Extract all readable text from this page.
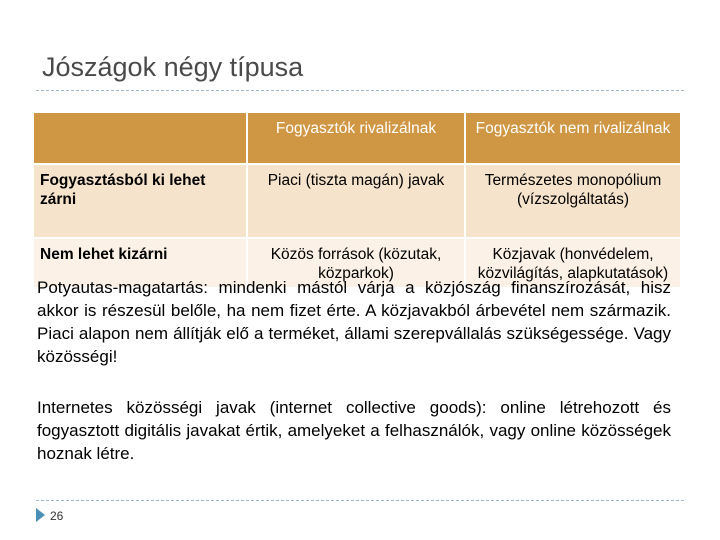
Jószágok négy típusa
	Fogyasztók rivalizálnak	Fogyasztók nem rivalizálnak
Fogyasztásból ki lehet zárni	Piaci (tiszta magán) javak	Természetes monopólium (vízszolgáltatás)
Nem lehet kizárni	Közös források (közutak, közparkok)	Közjavak (honvédelem, közvilágítás, alapkutatások)
Potyautas-magatartás: mindenki mástól várja a közjószág finanszírozását, hisz akkor is részesül belőle, ha nem fizet érte. A közjavakból árbevétel nem származik. Piaci alapon nem állítják elő a terméket, állami szerepvállalás szükségessége. Vagy közösségi!
Internetes közösségi javak (internet collective goods): online létrehozott és fogyasztott digitális javakat értik, amelyeket a felhasználók, vagy online közösségek hoznak létre.
26
